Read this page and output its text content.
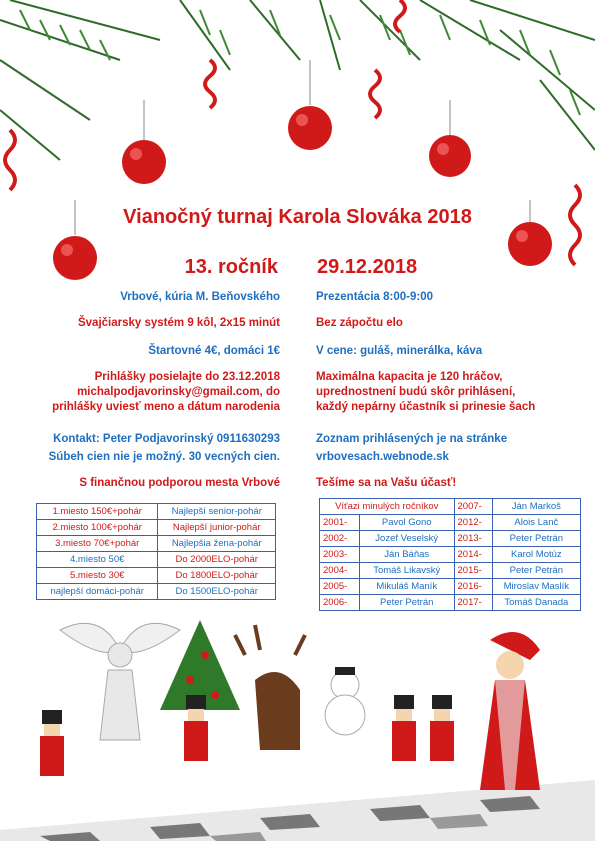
Vianočný turnaj Karola Slováka 2018
13. ročník 29.12.2018
Vrbové, kúria M. Beňovského
Švajčiarsky systém 9 kôl, 2x15 minút
Štartovné 4€, domáci 1€
Prihlášky posielajte do 23.12.2018
michalpodjavorinsky@gmail.com, do
prihlášky uviesť meno a dátum narodenia
Kontakt: Peter Podjavorinský 0911630293
Súbeh cien nie je možný. 30 vecných cien.
S finančnou podporou mesta Vrbové
Prezentácia 8:00-9:00
Bez zápočtu elo
V cene: guláš, minerálka, káva
Maximálna kapacita je 120 hráčov,
uprednostnení budú skôr prihlásení,
každý nepárny účastník si prinesie šach
Zoznam prihlásených je na stránke
vrbovesach.webnode.sk
Tešíme sa na Vašu účasť!
1.miesto 150€+pohár	Najlepší senior-pohár
2.miesto 100€+pohár	Najlepší junior-pohár
3.miesto 70€+pohár	Najlepšia žena-pohár
4.miesto 50€	Do 2000ELO-pohár
5.miesto 30€	Do 1800ELO-pohár
najlepší domáci-pohár	Do 1500ELO-pohár
Víťazi minulých ročníkov		2007-	Ján Markoš
2001-	Pavol Gono	2012-	Alois Lanč
2002-	Jozef Veselský	2013-	Peter Petrán
2003-	Ján Báňas	2014-	Karol Motúz
2004-	Tomáš Likavský	2015-	Peter Petrán
2005-	Mikuláš Maník	2016-	Miroslav Maslík
2006-	Peter Petrán	2017-	Tomáš Danada
